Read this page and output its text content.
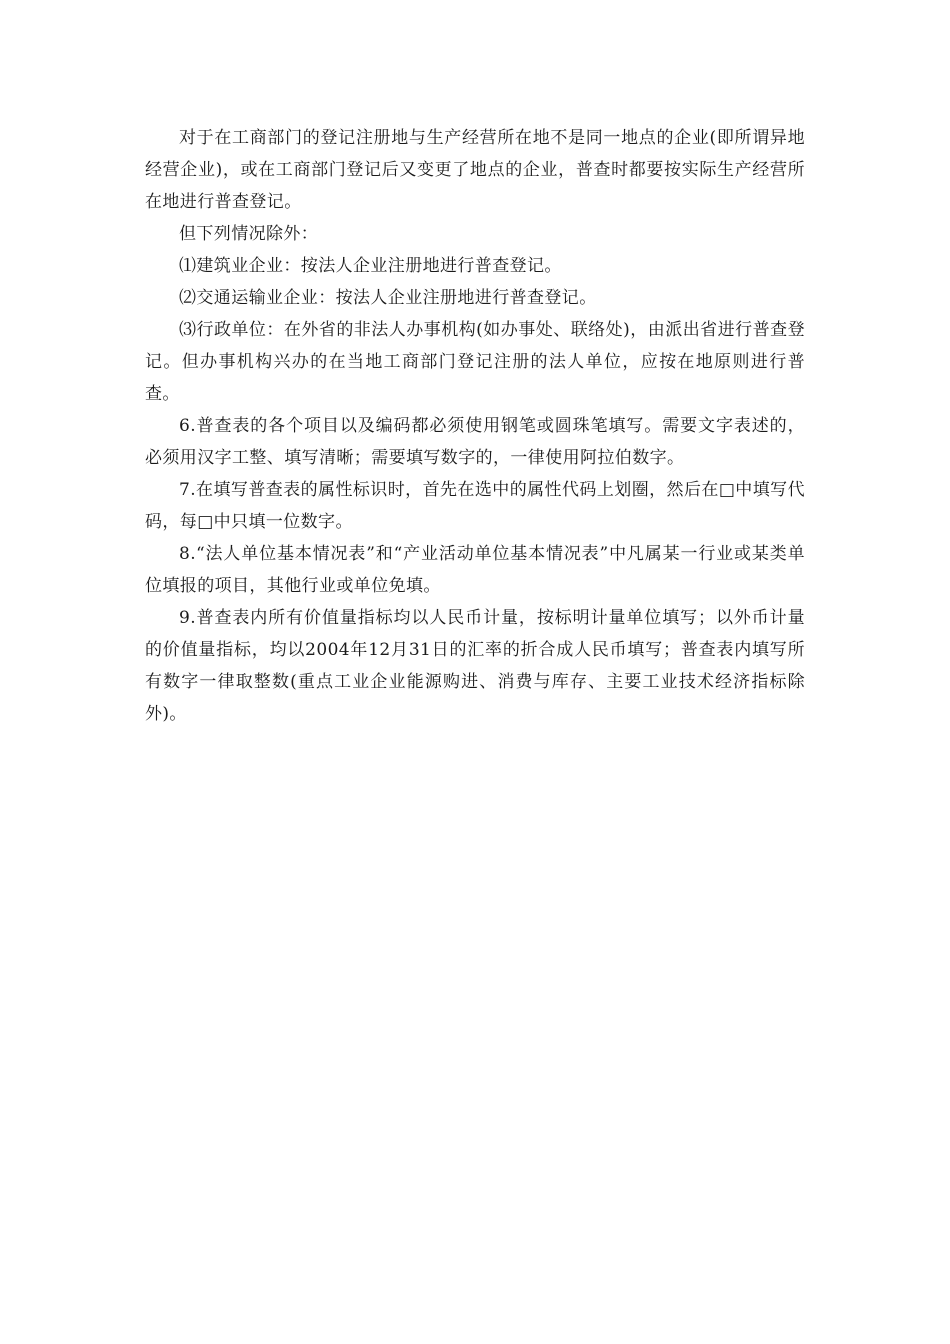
对于在工商部门的登记注册地与生产经营所在地不是同一地点的企业(即所谓异地经营企业)，或在工商部门登记后又变更了地点的企业，普查时都要按实际生产经营所在地进行普查登记。

但下列情况除外：

⑴建筑业企业：按法人企业注册地进行普查登记。

⑵交通运输业企业：按法人企业注册地进行普查登记。

⑶行政单位：在外省的非法人办事机构(如办事处、联络处)，由派出省进行普查登记。但办事机构兴办的在当地工商部门登记注册的法人单位，应按在地原则进行普查。

6.普查表的各个项目以及编码都必须使用钢笔或圆珠笔填写。需要文字表述的，必须用汉字工整、填写清晰；需要填写数字的，一律使用阿拉伯数字。

7.在填写普查表的属性标识时，首先在选中的属性代码上划圈，然后在□中填写代码，每□中只填一位数字。

8.“法人单位基本情况表”和“产业活动单位基本情况表”中凡属某一行业或某类单位填报的项目，其他行业或单位免填。

9.普查表内所有价值量指标均以人民币计量，按标明计量单位填写；以外币计量的价值量指标，均以2004年12月31日的汇率的折合成人民币填写；普查表内填写所有数字一律取整数(重点工业企业能源购进、消费与库存、主要工业技术经济指标除外)。
